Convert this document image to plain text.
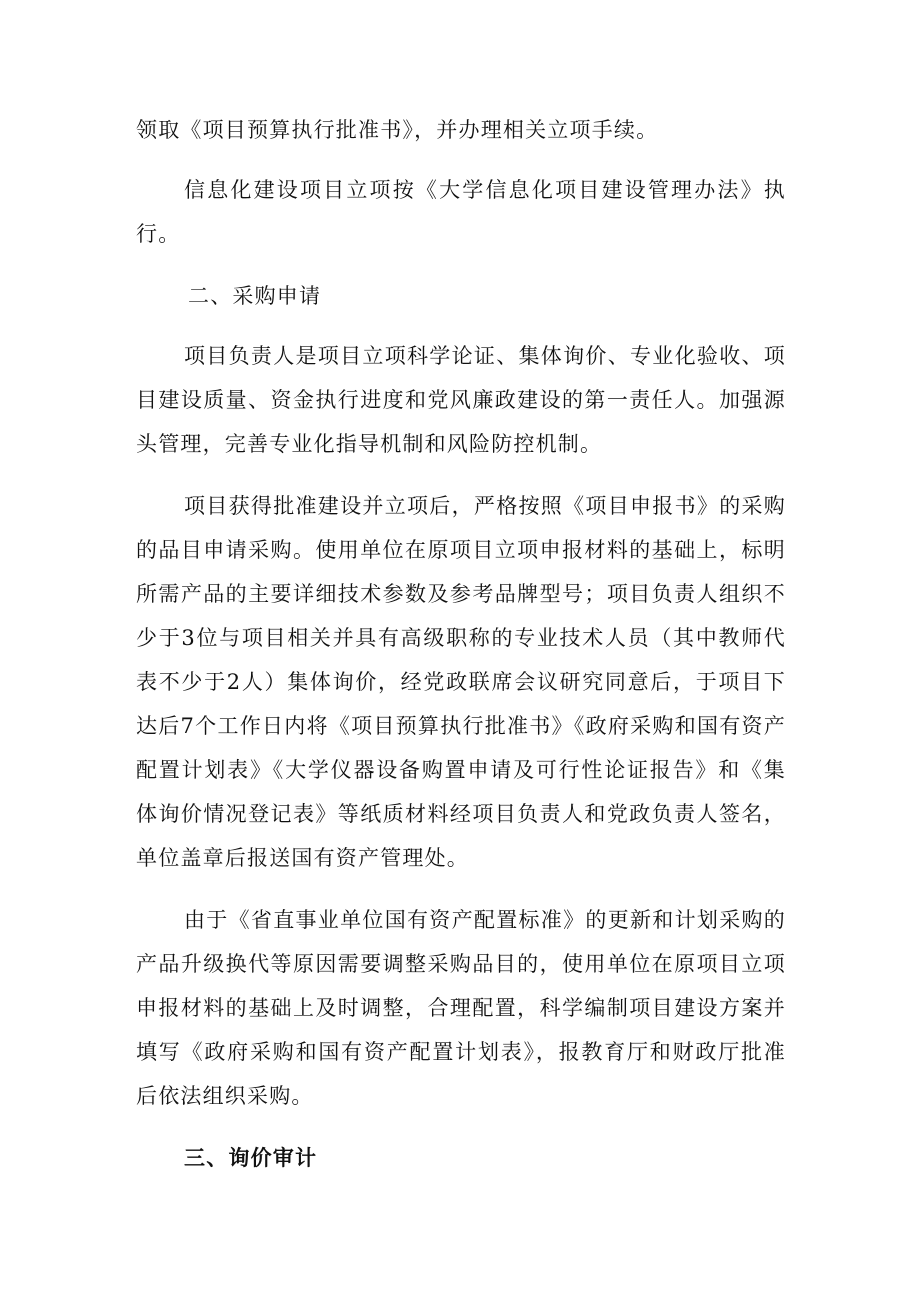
领取《项目预算执行批准书》，并办理相关立项手续。

信息化建设项目立项按《大学信息化项目建设管理办法》执行。

二、采购申请

项目负责人是项目立项科学论证、集体询价、专业化验收、项目建设质量、资金执行进度和党风廉政建设的第一责任人。加强源头管理，完善专业化指导机制和风险防控机制。

项目获得批准建设并立项后，严格按照《项目申报书》的采购的品目申请采购。使用单位在原项目立项申报材料的基础上，标明所需产品的主要详细技术参数及参考品牌型号；项目负责人组织不少于3位与项目相关并具有高级职称的专业技术人员（其中教师代表不少于2人）集体询价，经党政联席会议研究同意后，于项目下达后7个工作日内将《项目预算执行批准书》《政府采购和国有资产配置计划表》《大学仪器设备购置申请及可行性论证报告》和《集体询价情况登记表》等纸质材料经项目负责人和党政负责人签名，单位盖章后报送国有资产管理处。

由于《省直事业单位国有资产配置标准》的更新和计划采购的产品升级换代等原因需要调整采购品目的，使用单位在原项目立项申报材料的基础上及时调整，合理配置，科学编制项目建设方案并填写《政府采购和国有资产配置计划表》，报教育厅和财政厅批准后依法组织采购。

三、询价审计
